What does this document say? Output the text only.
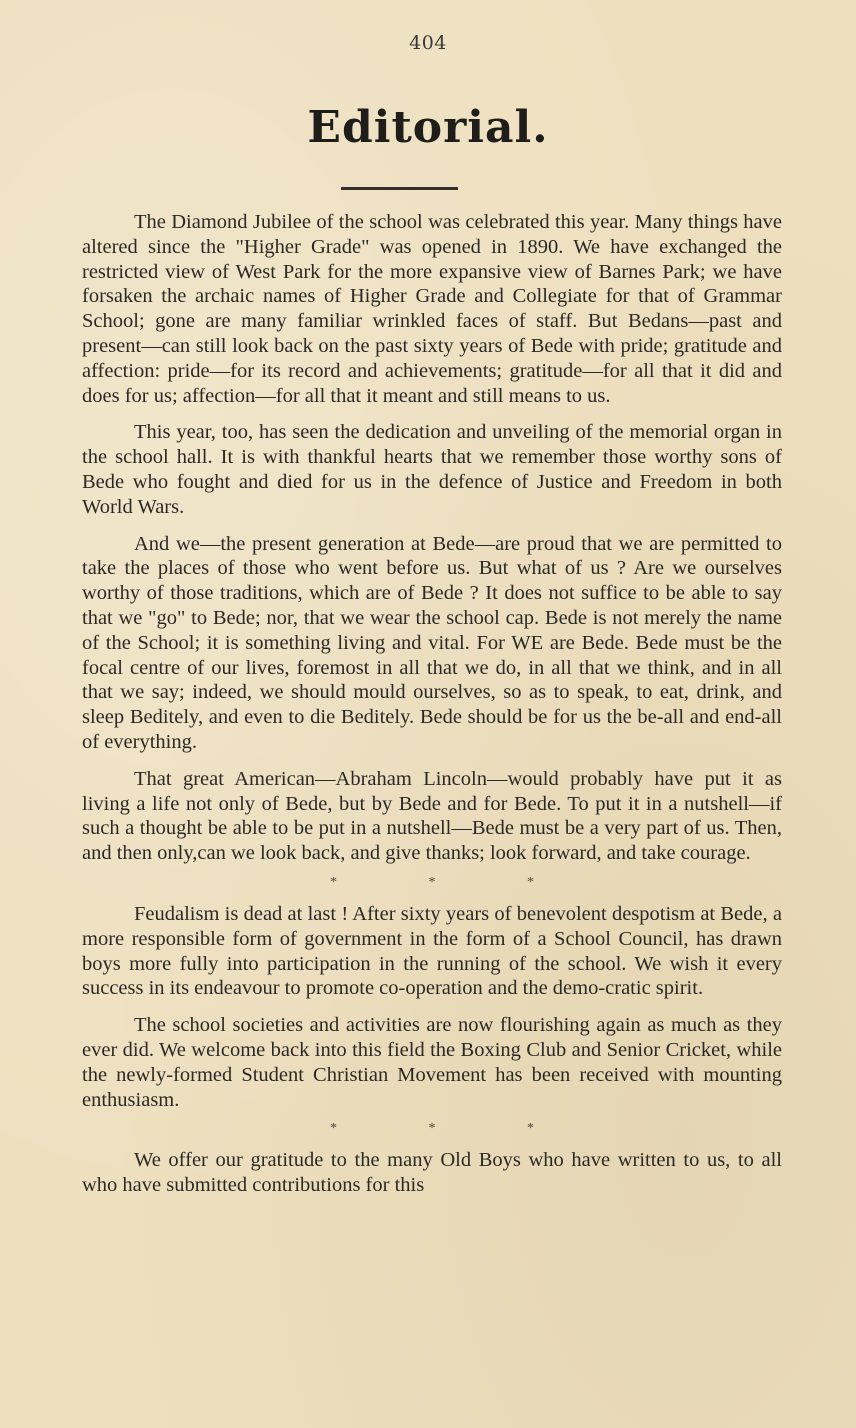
404
Editorial.

The Diamond Jubilee of the school was celebrated this year. Many things have altered since the "Higher Grade" was opened in 1890. We have exchanged the restricted view of West Park for the more expansive view of Barnes Park; we have forsaken the archaic names of Higher Grade and Collegiate for that of Grammar School; gone are many familiar wrinkled faces of staff. But Bedans—past and present—can still look back on the past sixty years of Bede with pride; gratitude and affection: pride—for its record and achievements; gratitude—for all that it did and does for us; affection—for all that it meant and still means to us.

This year, too, has seen the dedication and unveiling of the memorial organ in the school hall. It is with thankful hearts that we remember those worthy sons of Bede who fought and died for us in the defence of Justice and Freedom in both World Wars.

And we—the present generation at Bede—are proud that we are permitted to take the places of those who went before us. But what of us ? Are we ourselves worthy of those traditions, which are of Bede ? It does not suffice to be able to say that we "go" to Bede; nor, that we wear the school cap. Bede is not merely the name of the School; it is something living and vital. For WE are Bede. Bede must be the focal centre of our lives, foremost in all that we do, in all that we think, and in all that we say; indeed, we should mould ourselves, so as to speak, to eat, drink, and sleep Beditely, and even to die Beditely. Bede should be for us the be-all and end-all of everything.

That great American—Abraham Lincoln—would probably have put it as living a life not only of Bede, but by Bede and for Bede. To put it in a nutshell—if such a thought be able to be put in a nutshell—Bede must be a very part of us. Then, and then only,can we look back, and give thanks; look forward, and take courage.

* * *

Feudalism is dead at last ! After sixty years of benevolent despotism at Bede, a more responsible form of government in the form of a School Council, has drawn boys more fully into participation in the running of the school. We wish it every success in its endeavour to promote co-operation and the demo-cratic spirit.

The school societies and activities are now flourishing again as much as they ever did. We welcome back into this field the Boxing Club and Senior Cricket, while the newly-formed Student Christian Movement has been received with mounting enthusiasm.

* * *

We offer our gratitude to the many Old Boys who have written to us, to all who have submitted contributions for this
